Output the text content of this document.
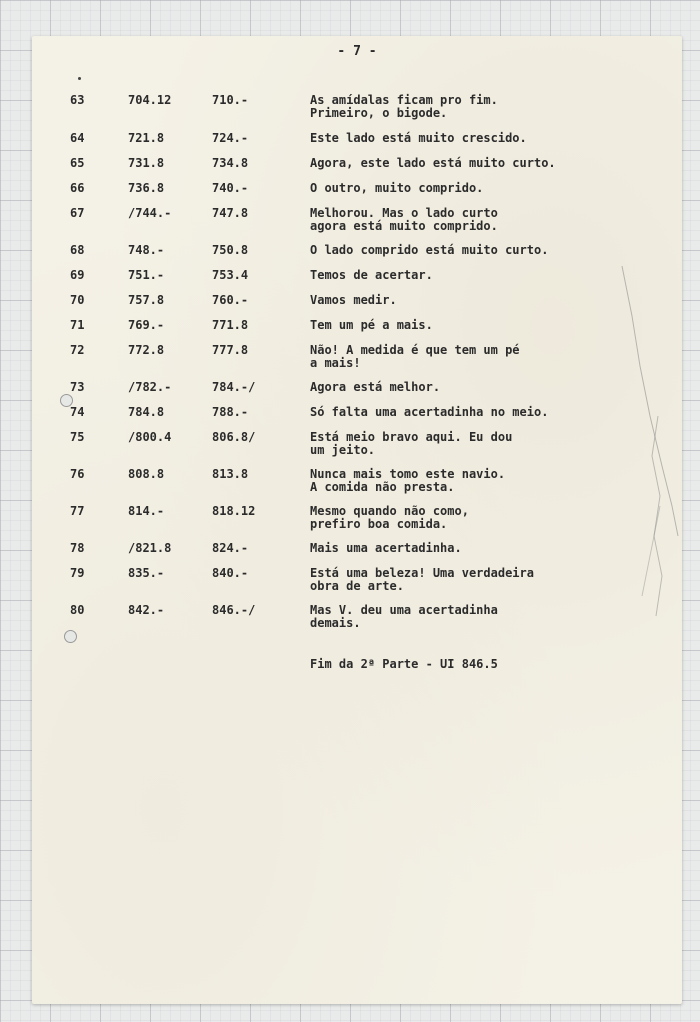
- 7 -
63	704.12	710.-	As amídalas ficam pro fim.
Primeiro, o bigode.
64	721.8	724.-	Este lado está muito crescido.
65	731.8	734.8	Agora, este lado está muito curto.
66	736.8	740.-	O outro, muito comprido.
67	/744.-	747.8	Melhorou. Mas o lado curto
agora está muito comprido.
68	748.-	750.8	O lado comprido está muito curto.
69	751.-	753.4	Temos de acertar.
70	757.8	760.-	Vamos medir.
71	769.-	771.8	Tem um pé a mais.
72	772.8	777.8	Não! A medida é que tem um pé
a mais!
73	/782.-	784.-/	Agora está melhor.
74	784.8	788.-	Só falta uma acertadinha no meio.
75	/800.4	806.8/	Está meio bravo aqui. Eu dou
um jeito.
76	808.8	813.8	Nunca mais tomo este navio.
A comida não presta.
77	814.-	818.12	Mesmo quando não como,
prefiro boa comida.
78	/821.8	824.-	Mais uma acertadinha.
79	835.-	840.-	Está uma beleza! Uma verdadeira
obra de arte.
80	842.-	846.-/	Mas V. deu uma acertadinha
demais.
Fim da 2ª Parte - UI 846.5
